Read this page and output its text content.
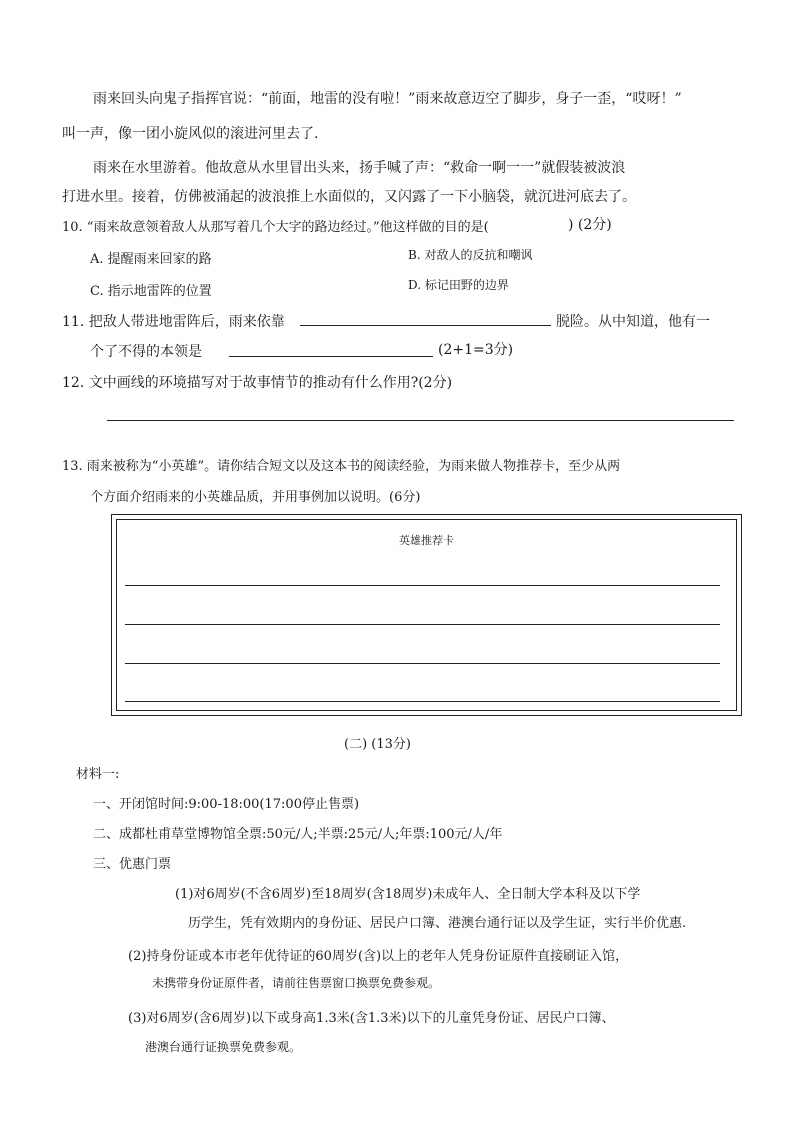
雨来回头向鬼子指挥官说：“前面，地雷的没有啦！”雨来故意迈空了脚步，身子一歪，“哎呀！”
叫一声，像一团小旋风似的滚进河里去了.
雨来在水里游着。他故意从水里冒出头来，扬手喊了声：“救命一啊一一”就假装被波浪
打进水里。接着，仿佛被涌起的波浪推上水面似的，又闪露了一下小脑袋，就沉进河底去了。
10. “雨来故意领着敌人从那写着几个大字的路边经过。”他这样做的目的是(	) (2分)
A. 提醒雨来回家的路	B. 对敌人的反抗和嘲讽
C. 指示地雷阵的位置	D. 标记田野的边界
11. 把敌人带进地雷阵后，雨来依靠	脱险。从中知道，他有一
个了不得的本领是	(2+1=3分)
12. 文中画线的环境描写对于故事情节的推动有什么作用?(2分)
13. 雨来被称为“小英雄”。请你结合短文以及这本书的阅读经验，为雨来做人物推荐卡，至少从两
个方面介绍雨来的小英雄品质，并用事例加以说明。(6分)
英雄推荐卡
(二) (13分)
材料一:
一、开闭馆时间:9:00-18:00(17:00停止售票)
二、成都杜甫草堂博物馆全票:50元/人;半票:25元/人;年票:100元/人/年
三、优惠门票
(1)对6周岁(不含6周岁)至18周岁(含18周岁)未成年人、全日制大学本科及以下学
历学生，凭有效期内的身份证、居民户口簿、港澳台通行证以及学生证，实行半价优惠.
(2)持身份证或本市老年优待证的60周岁(含)以上的老年人凭身份证原件直接刷证入馆，
未携带身份证原件者，请前往售票窗口换票免费参观。
(3)对6周岁(含6周岁)以下或身高1.3米(含1.3米)以下的儿童凭身份证、居民户口簿、
港澳台通行证换票免费参观。
